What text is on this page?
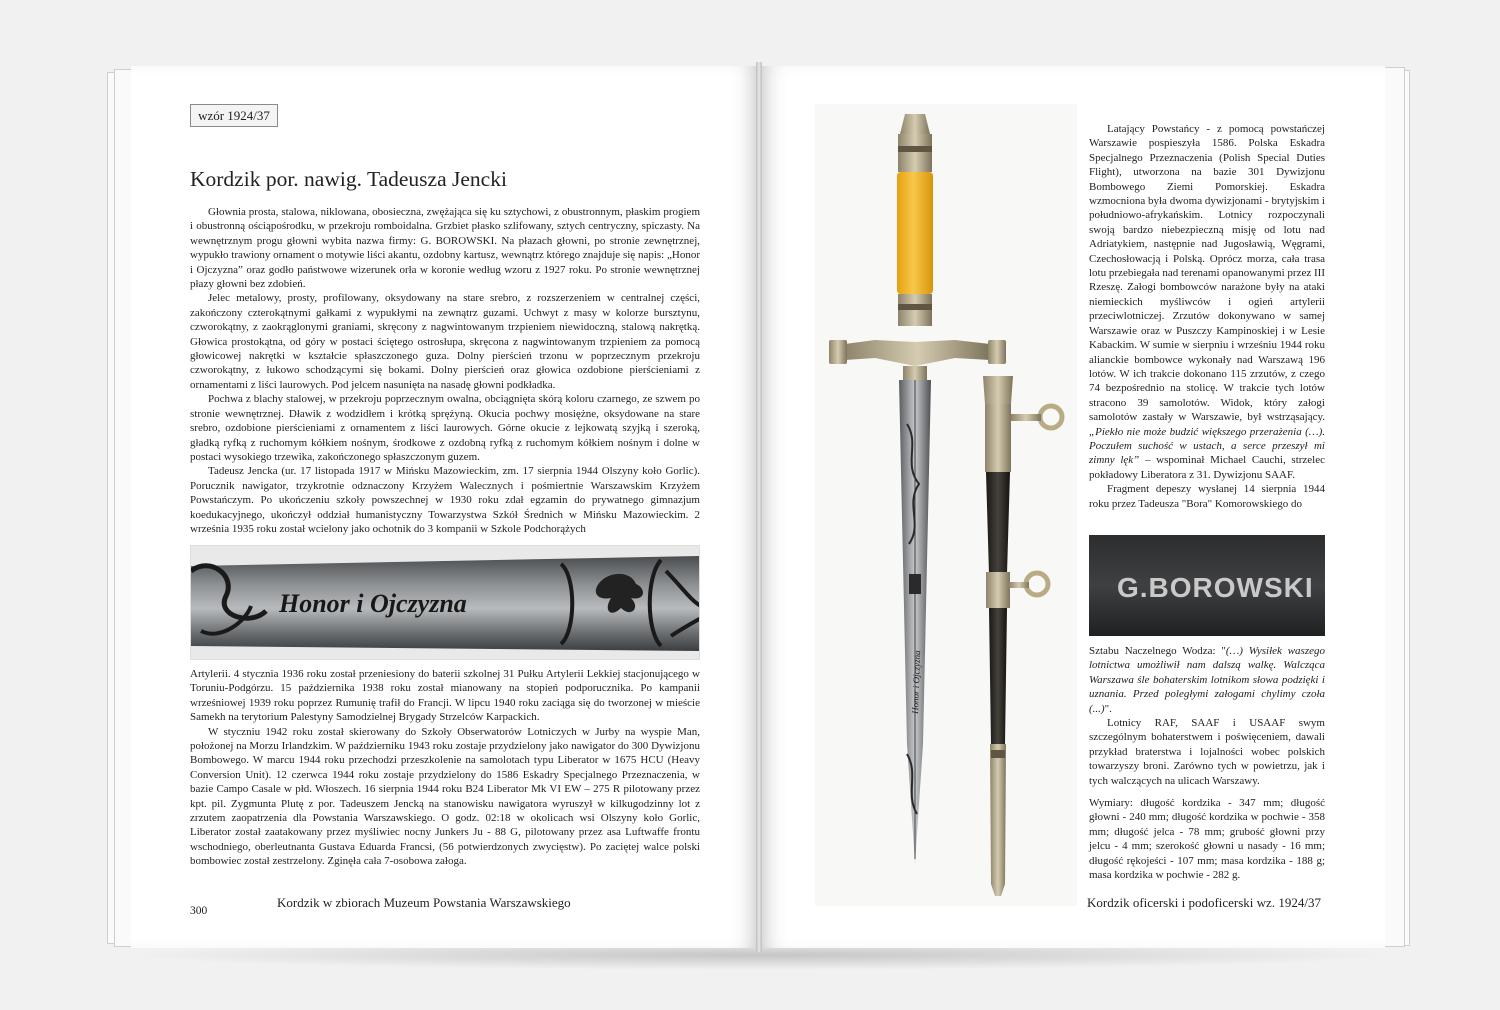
wzór 1924/37
Kordzik por. nawig. Tadeusza Jencki

Głownia prosta, stalowa, niklowana, obosieczna, zwężająca się ku sztychowi, z obustronnym, płaskim progiem i obustronną ościąpośrodku, w przekroju romboidalna. Grzbiet płasko szlifowany, sztych centryczny, spiczasty. Na wewnętrznym progu głowni wybita nazwa firmy: G. BOROWSKI. Na płazach głowni, po stronie zewnętrznej, wypukło trawiony ornament o motywie liści akantu, ozdobny kartusz, wewnątrz którego znajduje się napis: „Honor i Ojczyzna” oraz godło państwowe wizerunek orła w koronie według wzoru z 1927 roku. Po stronie wewnętrznej płazy głowni bez zdobień.

Jelec metalowy, prosty, profilowany, oksydowany na stare srebro, z rozszerzeniem w centralnej części, zakończony czterokątnymi gałkami z wypukłymi na zewnątrz guzami. Uchwyt z masy w kolorze bursztynu, czworokątny, z zaokrąglonymi graniami, skręcony z nagwintowanym trzpieniem niewidoczną, stalową nakrętką. Głowica prostokątna, od góry w postaci ściętego ostrosłupa, skręcona z nagwintowanym trzpieniem za pomocą głowicowej nakrętki w kształcie spłaszczonego guza. Dolny pierścień trzonu w poprzecznym przekroju czworokątny, z łukowo schodzącymi się bokami. Dolny pierścień oraz głowica ozdobione pierścieniami z ornamentami z liści laurowych. Pod jelcem nasunięta na nasadę głowni podkładka.

Pochwa z blachy stalowej, w przekroju poprzecznym owalna, obciągnięta skórą koloru czarnego, ze szwem po stronie wewnętrznej. Dławik z wodzidłem i krótką sprężyną. Okucia pochwy mosiężne, oksydowane na stare srebro, ozdobione pierścieniami z ornamentem z liści laurowych. Górne okucie z lejkowatą szyjką i szeroką, gładką ryfką z ruchomym kółkiem nośnym, środkowe z ozdobną ryfką z ruchomym kółkiem nośnym i dolne w postaci wysokiego trzewika, zakończonego spłaszczonym guzem.

Tadeusz Jencka (ur. 17 listopada 1917 w Mińsku Mazowieckim, zm. 17 sierpnia 1944 Olszyny koło Gorlic). Porucznik nawigator, trzykrotnie odznaczony Krzyżem Walecznych i pośmiertnie Warszawskim Krzyżem Powstańczym. Po ukończeniu szkoły powszechnej w 1930 roku zdał egzamin do prywatnego gimnazjum koedukacyjnego, ukończył oddział humanistyczny Towarzystwa Szkół Średnich w Mińsku Mazowieckim. 2 września 1935 roku został wcielony jako ochotnik do 3 kompanii w Szkole Podchorążych

Honor i Ojczyzna

Artylerii. 4 stycznia 1936 roku został przeniesiony do baterii szkolnej 31 Pułku Artylerii Lekkiej stacjonującego w Toruniu-Podgórzu. 15 października 1938 roku został mianowany na stopień podporucznika. Po kampanii wrześniowej 1939 roku poprzez Rumunię trafił do Francji. W lipcu 1940 roku zaciąga się do tworzonej w mieście Samekh na terytorium Palestyny Samodzielnej Brygady Strzelców Karpackich.

W styczniu 1942 roku został skierowany do Szkoły Obserwatorów Lotniczych w Jurby na wyspie Man, położonej na Morzu Irlandzkim. W październiku 1943 roku zostaje przydzielony jako nawigator do 300 Dywizjonu Bombowego. W marcu 1944 roku przechodzi przeszkolenie na samolotach typu Liberator w 1675 HCU (Heavy Conversion Unit). 12 czerwca 1944 roku zostaje przydzielony do 1586 Eskadry Specjalnego Przeznaczenia, w bazie Campo Casale w płd. Włoszech. 16 sierpnia 1944 roku B24 Liberator Mk VI EW – 275 R pilotowany przez kpt. pil. Zygmunta Plutę z por. Tadeuszem Jencką na stanowisku nawigatora wyruszył w kilkugodzinny lot z zrzutem zaopatrzenia dla Powstania Warszawskiego. O godz. 02:18 w okolicach wsi Olszyny koło Gorlic, Liberator został zaatakowany przez myśliwiec nocny Junkers Ju - 88 G, pilotowany przez asa Luftwaffe frontu wschodniego, oberleutnanta Gustava Eduarda Francsi, (56 potwierdzonych zwycięstw). Po zaciętej walce polski bombowiec został zestrzelony. Zginęła cała 7-osobowa załoga.

300
Kordzik w zbiorach Muzeum Powstania Warszawskiego
Honor i Ojczyzna

Latający Powstańcy - z pomocą powstańczej Warszawie pospieszyła 1586. Polska Eskadra Specjalnego Przeznaczenia (Polish Special Duties Flight), utworzona na bazie 301 Dywizjonu Bombowego Ziemi Pomorskiej. Eskadra wzmocniona była dwoma dywizjonami - brytyjskim i południowo-afrykańskim. Lotnicy rozpoczynali swoją bardzo niebezpieczną misję od lotu nad Adriatykiem, następnie nad Jugosławią, Węgrami, Czechosłowacją i Polską. Oprócz morza, cała trasa lotu przebiegała nad terenami opanowanymi przez III Rzeszę. Załogi bombowców narażone były na ataki niemieckich myśliwców i ogień artylerii przeciwlotniczej. Zrzutów dokonywano w samej Warszawie oraz w Puszczy Kampinoskiej i w Lesie Kabackim. W sumie w sierpniu i wrześniu 1944 roku alianckie bombowce wykonały nad Warszawą 196 lotów. W ich trakcie dokonano 115 zrzutów, z czego 74 bezpośrednio na stolicę. W trakcie tych lotów stracono 39 samolotów. Widok, który załogi samolotów zastały w Warszawie, był wstrząsający. „Piekło nie może budzić większego przerażenia (…). Poczułem suchość w ustach, a serce przeszył mi zimny lęk” – wspominał Michael Cauchi, strzelec pokładowy Liberatora z 31. Dywizjonu SAAF.

Fragment depeszy wysłanej 14 sierpnia 1944 roku przez Tadeusza "Bora" Komorowskiego do

G.BOROWSKI

Sztabu Naczelnego Wodza: "(…) Wysiłek waszego lotnictwa umożliwił nam dalszą walkę. Walcząca Warszawa śle bohaterskim lotnikom słowa podzięki i uznania. Przed poległymi załogami chylimy czoła (...)".

Lotnicy RAF, SAAF i USAAF swym szczególnym bohaterstwem i poświęceniem, dawali przykład braterstwa i lojalności wobec polskich towarzyszy broni. Zarówno tych w powietrzu, jak i tych walczących na ulicach Warszawy.

Wymiary: długość kordzika - 347 mm; długość głowni - 240 mm; długość kordzika w pochwie - 358 mm; długość jelca - 78 mm; grubość głowni przy jelcu - 4 mm; szerokość głowni u nasady - 16 mm; długość rękojeści - 107 mm; masa kordzika - 188 g; masa kordzika w pochwie - 282 g.

Kordzik oficerski i podoficerski wz. 1924/37
